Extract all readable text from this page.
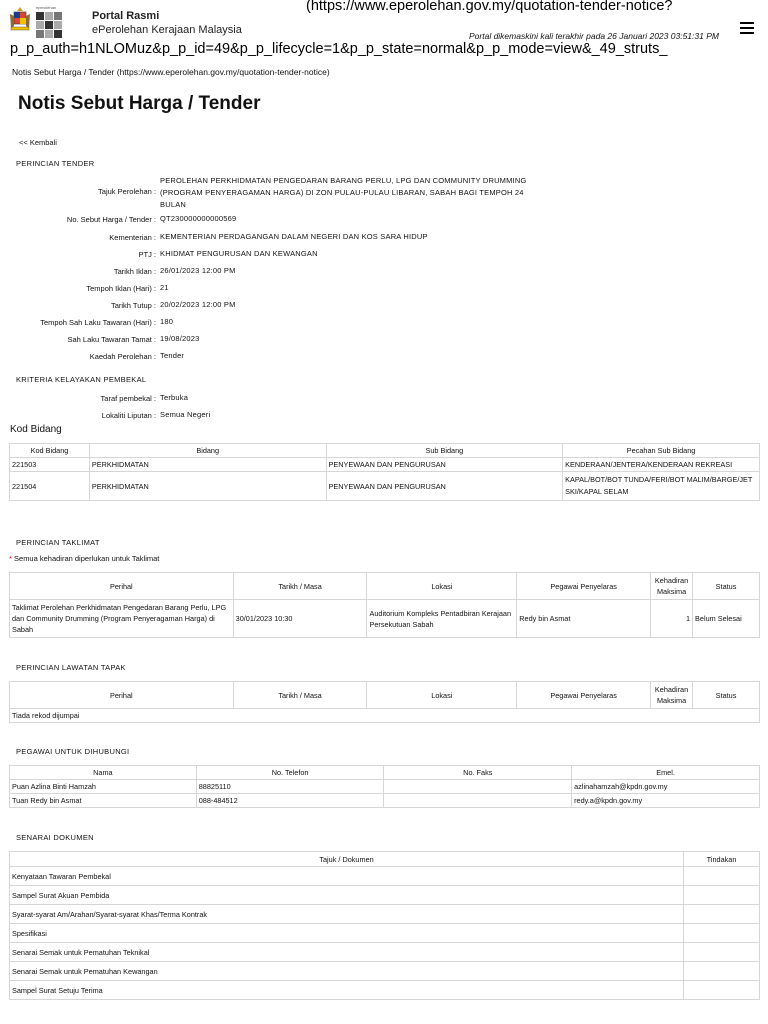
eperolehan
Portal Rasmi
ePerolehan Kerajaan Malaysia
(https://www.eperolehan.gov.my/quotation-tender-notice?
p_p_auth=h1NLOMuz&p_p_id=49&p_p_lifecycle=1&p_p_state=normal&p_p_mode=view&_49_struts_
Portal dikemaskini kali terakhir pada 26 Januari 2023 03:51:31 PM
Notis Sebut Harga / Tender (https://www.eperolehan.gov.my/quotation-tender-notice)
Notis Sebut Harga / Tender
<< Kembali
PERINCIAN TENDER
Tajuk Perolehan :
PEROLEHAN PERKHIDMATAN PENGEDARAN BARANG PERLU, LPG DAN COMMUNITY DRUMMING (PROGRAM PENYERAGAMAN HARGA) DI ZON PULAU-PULAU LIBARAN, SABAH BAGI TEMPOH 24 BULAN
No. Sebut Harga / Tender : QT230000000000569
Kementerian : KEMENTERIAN PERDAGANGAN DALAM NEGERI DAN KOS SARA HIDUP
PTJ : KHIDMAT PENGURUSAN DAN KEWANGAN
Tarikh Iklan : 26/01/2023 12:00 PM
Tempoh Iklan (Hari) : 21
Tarikh Tutup : 20/02/2023 12:00 PM
Tempoh Sah Laku Tawaran (Hari) : 180
Sah Laku Tawaran Tamat : 19/08/2023
Kaedah Perolehan : Tender
KRITERIA KELAYAKAN PEMBEKAL
Taraf pembekal : Terbuka
Lokaliti Liputan : Semua Negeri
Kod Bidang
Kod Bidang	Bidang	Sub Bidang	Pecahan Sub Bidang
221503	PERKHIDMATAN	PENYEWAAN DAN PENGURUSAN	KENDERAAN/JENTERA/KENDERAAN REKREASI
221504	PERKHIDMATAN	PENYEWAAN DAN PENGURUSAN	KAPAL/BOT/BOT TUNDA/FERI/BOT MALIM/BARGE/JET SKI/KAPAL SELAM
PERINCIAN TAKLIMAT
* Semua kehadiran diperlukan untuk Taklimat
Perihal	Tarikh / Masa	Lokasi	Pegawai Penyelaras	Kehadiran Maksima	Status
Taklimat Perolehan Perkhidmatan Pengedaran Barang Perlu, LPG dan Community Drumming (Program Penyeragaman Harga) di Sabah	30/01/2023 10:30	Auditorium Kompleks Pentadbiran Kerajaan Persekutuan Sabah	Redy bin Asmat	1	Belum Selesai
PERINCIAN LAWATAN TAPAK
Perihal	Tarikh / Masa	Lokasi	Pegawai Penyelaras	Kehadiran Maksima	Status
Tiada rekod dijumpai
PEGAWAI UNTUK DIHUBUNGI
Nama	No. Telefon	No. Faks	Emel.
Puan Azlina Binti Hamzah	88825110		azlinahamzah@kpdn.gov.my
Tuan Redy bin Asmat	088-484512		redy.a@kpdn.gov.my
SENARAI DOKUMEN
Tajuk / Dokumen	Tindakan
Kenyataan Tawaran Pembekal	
Sampel Surat Akuan Pembida	
Syarat-syarat Am/Arahan/Syarat-syarat Khas/Terma Kontrak	
Spesifikasi	
Senarai Semak untuk Pematuhan Teknikal	
Senarai Semak untuk Pematuhan Kewangan	
Sampel Surat Setuju Terima	
